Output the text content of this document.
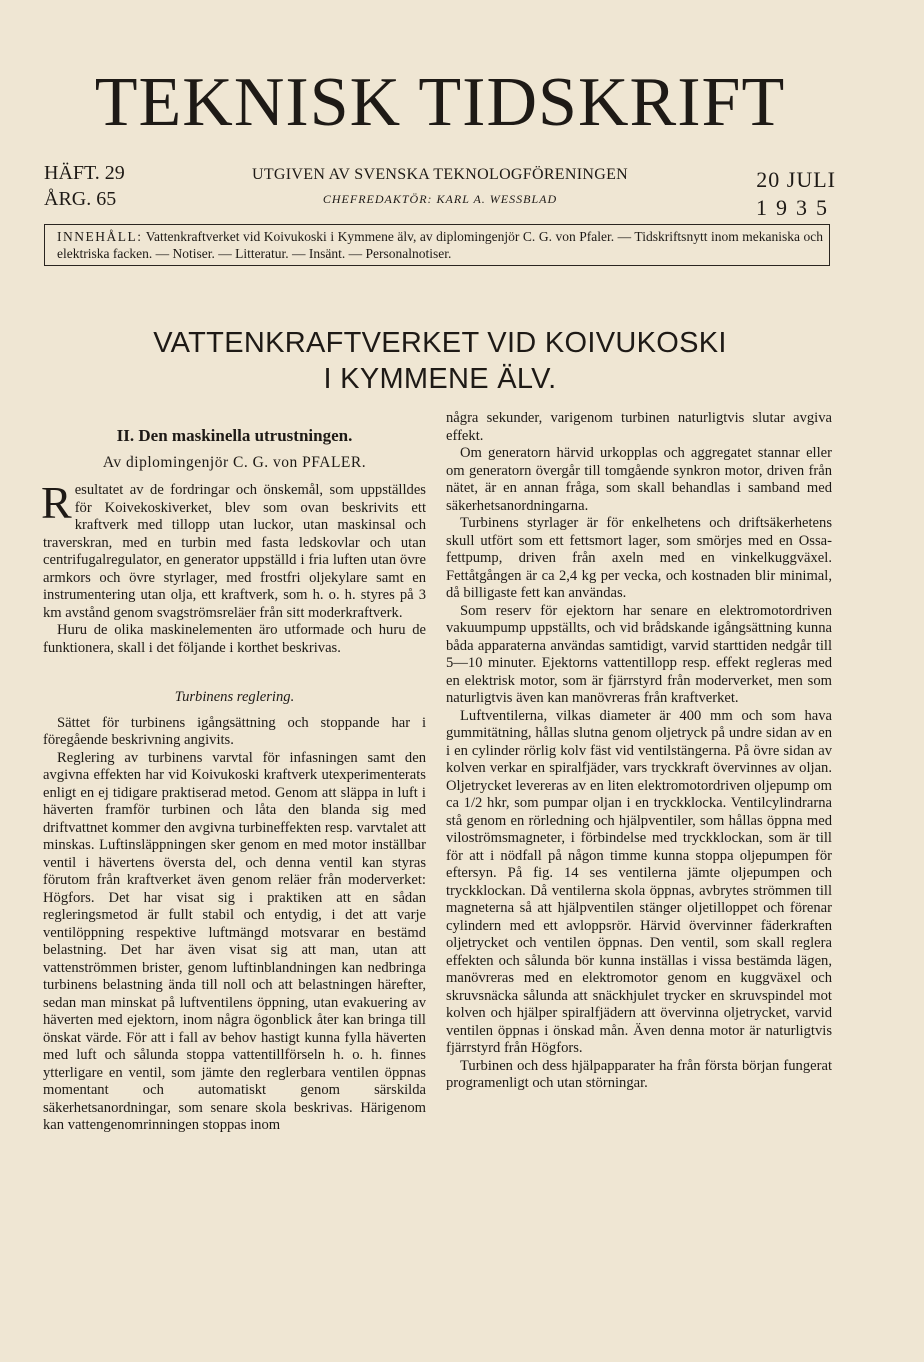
TEKNISK TIDSKRIFT
HÄFT. 29
ÅRG. 65
UTGIVEN AV SVENSKA TEKNOLOGFÖRENINGEN
CHEFREDAKTÖR: KARL A. WESSBLAD
20 JULI
1935
INNEHÅLL: Vattenkraftverket vid Koivukoski i Kymmene älv, av diplomingenjör C. G. von Pfaler. — Tidskriftsnytt inom mekaniska och elektriska facken. — Notiser. — Litteratur. — Insänt. — Personalnotiser.
VATTENKRAFTVERKET VID KOIVUKOSKI
I KYMMENE ÄLV.
II. Den maskinella utrustningen.
Av diplomingenjör C. G. von PFALER.

Resultatet av de fordringar och önskemål, som uppställdes för Koivekoskiverket, blev som ovan beskrivits ett kraftverk med tillopp utan luckor, utan maskinsal och traverskran, med en turbin med fasta ledskovlar och utan centrifugalregulator, en generator uppställd i fria luften utan övre armkors och övre styrlager, med frostfri oljekylare samt en instrumentering utan olja, ett kraftverk, som h. o. h. styres på 3 km avstånd genom svagströmsreläer från sitt moderkraftverk.

Huru de olika maskinelementen äro utformade och huru de funktionera, skall i det följande i korthet beskrivas.

Turbinens reglering.

Sättet för turbinens igångsättning och stoppande har i föregående beskrivning angivits.

Reglering av turbinens varvtal för infasningen samt den avgivna effekten har vid Koivukoski kraftverk utexperimenterats enligt en ej tidigare praktiserad metod. Genom att släppa in luft i häverten framför turbinen och låta den blanda sig med driftvattnet kommer den avgivna turbineffekten resp. varvtalet att minskas. Luftinsläppningen sker genom en med motor inställbar ventil i hävertens översta del, och denna ventil kan styras förutom från kraftverket även genom reläer från moderverket: Högfors. Det har visat sig i praktiken att en sådan regleringsmetod är fullt stabil och entydig, i det att varje ventilöppning respektive luftmängd motsvarar en bestämd belastning. Det har även visat sig att man, utan att vattenströmmen brister, genom luftinblandningen kan nedbringa turbinens belastning ända till noll och att belastningen härefter, sedan man minskat på luftventilens öppning, utan evakuering av häverten med ejektorn, inom några ögonblick åter kan bringa till önskat värde. För att i fall av behov hastigt kunna fylla häverten med luft och sålunda stoppa vattentillförseln h. o. h. finnes ytterligare en ventil, som jämte den reglerbara ventilen öppnas momentant och automatiskt genom särskilda säkerhetsanordningar, som senare skola beskrivas. Härigenom kan vattengenomrinningen stoppas inom

några sekunder, varigenom turbinen naturligtvis slutar avgiva effekt.

Om generatorn härvid urkopplas och aggregatet stannar eller om generatorn övergår till tomgående synkron motor, driven från nätet, är en annan fråga, som skall behandlas i samband med säkerhetsanordningarna.

Turbinens styrlager är för enkelhetens och driftsäkerhetens skull utfört som ett fettsmort lager, som smörjes med en Ossa-fettpump, driven från axeln med en vinkelkuggväxel. Fettåtgången är ca 2,4 kg per vecka, och kostnaden blir minimal, då billigaste fett kan användas.

Som reserv för ejektorn har senare en elektromotordriven vakuumpump uppställts, och vid brådskande igångsättning kunna båda apparaterna användas samtidigt, varvid starttiden nedgår till 5—10 minuter. Ejektorns vattentillopp resp. effekt regleras med en elektrisk motor, som är fjärrstyrd från moderverket, men som naturligtvis även kan manövreras från kraftverket.

Luftventilerna, vilkas diameter är 400 mm och som hava gummitätning, hållas slutna genom oljetryck på undre sidan av en i en cylinder rörlig kolv fäst vid ventilstängerna. På övre sidan av kolven verkar en spiralfjäder, vars tryckkraft övervinnes av oljan. Oljetrycket levereras av en liten elektromotordriven oljepump om ca 1/2 hkr, som pumpar oljan i en tryckklocka. Ventilcylindrarna stå genom en rörledning och hjälpventiler, som hållas öppna med viloströmsmagneter, i förbindelse med tryckklockan, som är till för att i nödfall på någon timme kunna stoppa oljepumpen för eftersyn. På fig. 14 ses ventilerna jämte oljepumpen och tryckklockan. Då ventilerna skola öppnas, avbrytes strömmen till magneterna så att hjälpventilen stänger oljetilloppet och förenar cylindern med ett avloppsrör. Härvid övervinner fäderkraften oljetrycket och ventilen öppnas. Den ventil, som skall reglera effekten och sålunda bör kunna inställas i vissa bestämda lägen, manövreras med en elektromotor genom en kuggväxel och skruvsnäcka sålunda att snäckhjulet trycker en skruvspindel mot kolven och hjälper spiralfjädern att övervinna oljetrycket, varvid ventilen öppnas i önskad mån. Även denna motor är naturligtvis fjärrstyrd från Högfors.

Turbinen och dess hjälpapparater ha från första början fungerat programenligt och utan störningar.
